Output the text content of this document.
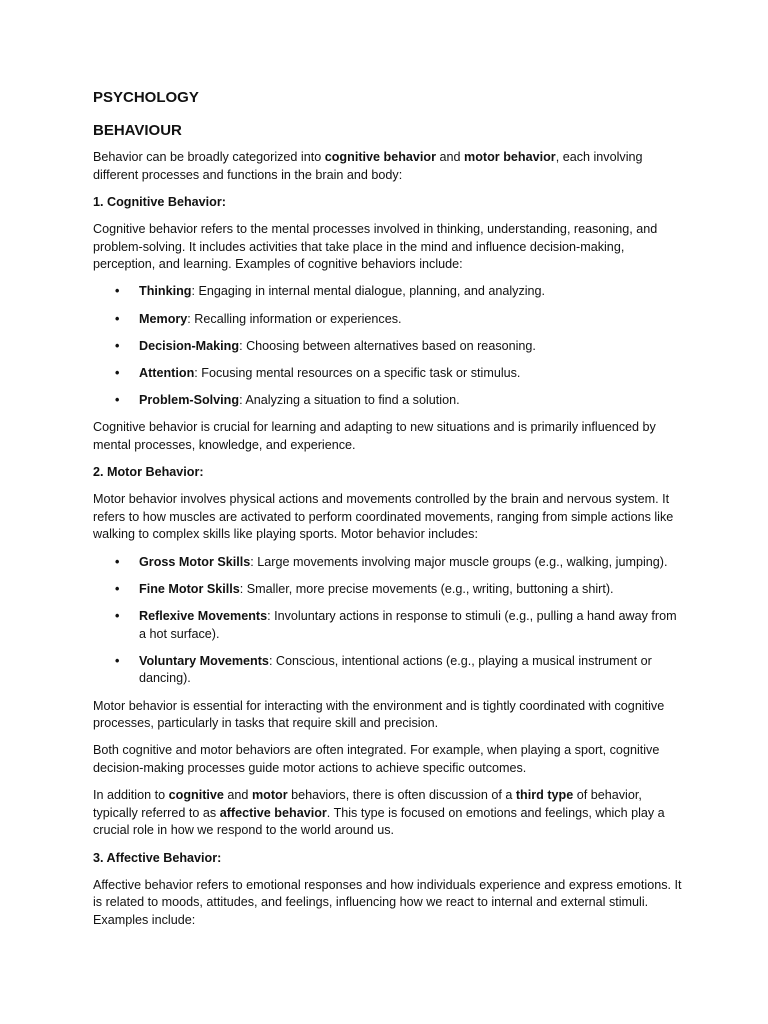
PSYCHOLOGY
BEHAVIOUR

Behavior can be broadly categorized into cognitive behavior and motor behavior, each involving different processes and functions in the brain and body:

1. Cognitive Behavior:

Cognitive behavior refers to the mental processes involved in thinking, understanding, reasoning, and problem-solving. It includes activities that take place in the mind and influence decision-making, perception, and learning. Examples of cognitive behaviors include:

• Thinking: Engaging in internal mental dialogue, planning, and analyzing.
• Memory: Recalling information or experiences.
• Decision-Making: Choosing between alternatives based on reasoning.
• Attention: Focusing mental resources on a specific task or stimulus.
• Problem-Solving: Analyzing a situation to find a solution.

Cognitive behavior is crucial for learning and adapting to new situations and is primarily influenced by mental processes, knowledge, and experience.

2. Motor Behavior:

Motor behavior involves physical actions and movements controlled by the brain and nervous system. It refers to how muscles are activated to perform coordinated movements, ranging from simple actions like walking to complex skills like playing sports. Motor behavior includes:

• Gross Motor Skills: Large movements involving major muscle groups (e.g., walking, jumping).
• Fine Motor Skills: Smaller, more precise movements (e.g., writing, buttoning a shirt).
• Reflexive Movements: Involuntary actions in response to stimuli (e.g., pulling a hand away from a hot surface).
• Voluntary Movements: Conscious, intentional actions (e.g., playing a musical instrument or dancing).

Motor behavior is essential for interacting with the environment and is tightly coordinated with cognitive processes, particularly in tasks that require skill and precision.

Both cognitive and motor behaviors are often integrated. For example, when playing a sport, cognitive decision-making processes guide motor actions to achieve specific outcomes.

In addition to cognitive and motor behaviors, there is often discussion of a third type of behavior, typically referred to as affective behavior. This type is focused on emotions and feelings, which play a crucial role in how we respond to the world around us.

3. Affective Behavior:

Affective behavior refers to emotional responses and how individuals experience and express emotions. It is related to moods, attitudes, and feelings, influencing how we react to internal and external stimuli. Examples include:
